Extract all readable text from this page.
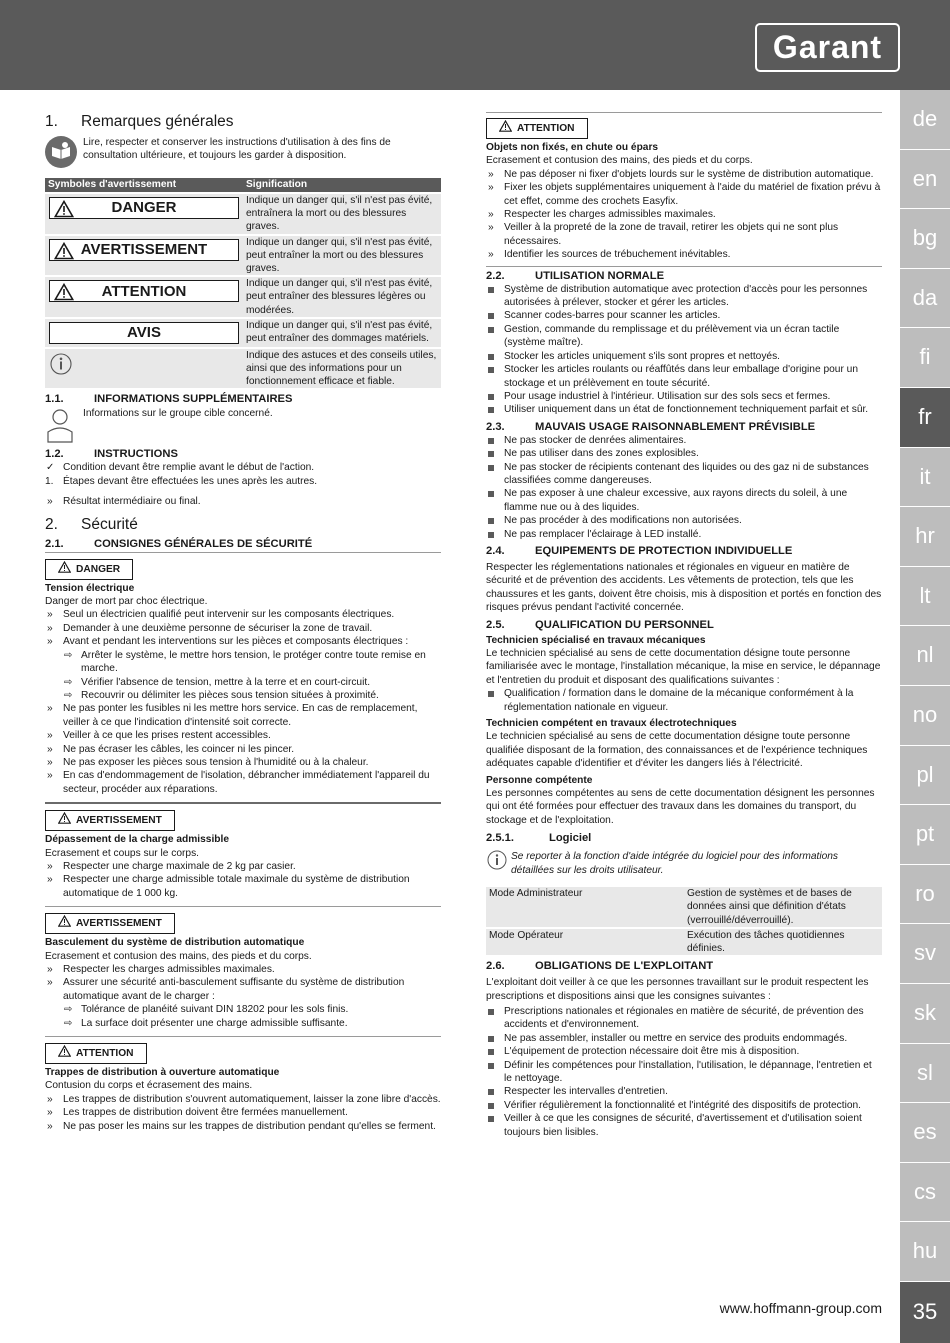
Garant
de
en
bg
da
fi
fr
it
hr
lt
nl
no
pl
pt
ro
sv
sk
sl
es
cs
hu
35
www.hoffmann-group.com
1.	Remarques générales
Lire, respecter et conserver les instructions d'utilisation à des fins de consultation ultérieure, et toujours les garder à disposition.
Symboles d'avertissement	Signification

DANGER	Indique un danger qui, s'il n'est pas évité, entraînera la mort ou des blessures graves.

AVERTISSEMENT	Indique un danger qui, s'il n'est pas évité, peut entraîner la mort ou des blessures graves.

ATTENTION	Indique un danger qui, s'il n'est pas évité, peut entraîner des blessures légères ou modérées.

AVIS	Indique un danger qui, s'il n'est pas évité, peut entraîner des dommages matériels.
	Indique des astuces et des conseils utiles, ainsi que des informations pour un fonctionnement efficace et fiable.
1.1.	INFORMATIONS SUPPLÉMENTAIRES
Informations sur le groupe cible concerné.
1.2.	INSTRUCTIONS
✓ Condition devant être remplie avant le début de l'action.
1. Étapes devant être effectuées les unes après les autres.
» Résultat intermédiaire ou final.
2.	Sécurité
2.1.	CONSIGNES GÉNÉRALES DE SÉCURITÉ
DANGER
Tension électrique
Danger de mort par choc électrique.
» Seul un électricien qualifié peut intervenir sur les composants électriques.
» Demander à une deuxième personne de sécuriser la zone de travail.
» Avant et pendant les interventions sur les pièces et composants électriques :
⇨ Arrêter le système, le mettre hors tension, le protéger contre toute remise en marche.
⇨ Vérifier l'absence de tension, mettre à la terre et en court-circuit.
⇨ Recouvrir ou délimiter les pièces sous tension situées à proximité.
» Ne pas ponter les fusibles ni les mettre hors service. En cas de remplacement, veiller à ce que l'indication d'intensité soit correcte.
» Veiller à ce que les prises restent accessibles.
» Ne pas écraser les câbles, les coincer ni les pincer.
» Ne pas exposer les pièces sous tension à l'humidité ou à la chaleur.
» En cas d'endommagement de l'isolation, débrancher immédiatement l'appareil du secteur, procéder aux réparations.
AVERTISSEMENT
Dépassement de la charge admissible
Ecrasement et coups sur le corps.
» Respecter une charge maximale de 2 kg par casier.
» Respecter une charge admissible totale maximale du système de distribution automatique de 1 000 kg.
AVERTISSEMENT
Basculement du système de distribution automatique
Ecrasement et contusion des mains, des pieds et du corps.
» Respecter les charges admissibles maximales.
» Assurer une sécurité anti-basculement suffisante du système de distribution automatique avant de le charger :
⇨ Tolérance de planéité suivant DIN 18202 pour les sols finis.
⇨ La surface doit présenter une charge admissible suffisante.
ATTENTION
Trappes de distribution à ouverture automatique
Contusion du corps et écrasement des mains.
» Les trappes de distribution s'ouvrent automatiquement, laisser la zone libre d'accès.
» Les trappes de distribution doivent être fermées manuellement.
» Ne pas poser les mains sur les trappes de distribution pendant qu'elles se ferment.
ATTENTION
Objets non fixés, en chute ou épars
Ecrasement et contusion des mains, des pieds et du corps.
» Ne pas déposer ni fixer d'objets lourds sur le système de distribution automatique.
» Fixer les objets supplémentaires uniquement à l'aide du matériel de fixation prévu à cet effet, comme des crochets Easyfix.
» Respecter les charges admissibles maximales.
» Veiller à la propreté de la zone de travail, retirer les objets qui ne sont plus nécessaires.
» Identifier les sources de trébuchement inévitables.
2.2.	UTILISATION NORMALE
Système de distribution automatique avec protection d'accès pour les personnes autorisées à prélever, stocker et gérer les articles.
Scanner codes-barres pour scanner les articles.
Gestion, commande du remplissage et du prélèvement via un écran tactile (système maître).
Stocker les articles uniquement s'ils sont propres et nettoyés.
Stocker les articles roulants ou réaffûtés dans leur emballage d'origine pour un stockage et un prélèvement en toute sécurité.
Pour usage industriel à l'intérieur. Utilisation sur des sols secs et fermes.
Utiliser uniquement dans un état de fonctionnement techniquement parfait et sûr.
2.3.	MAUVAIS USAGE RAISONNABLEMENT PRÉVISIBLE
Ne pas stocker de denrées alimentaires.
Ne pas utiliser dans des zones explosibles.
Ne pas stocker de récipients contenant des liquides ou des gaz ni de substances classifiées comme dangereuses.
Ne pas exposer à une chaleur excessive, aux rayons directs du soleil, à une flamme nue ou à des liquides.
Ne pas procéder à des modifications non autorisées.
Ne pas remplacer l'éclairage à LED installé.
2.4.	EQUIPEMENTS DE PROTECTION INDIVIDUELLE
Respecter les réglementations nationales et régionales en vigueur en matière de sécurité et de prévention des accidents. Les vêtements de protection, tels que les chaussures et les gants, doivent être choisis, mis à disposition et portés en fonction des risques prévus pendant l'activité concernée.
2.5.	QUALIFICATION DU PERSONNEL
Technicien spécialisé en travaux mécaniques
Le technicien spécialisé au sens de cette documentation désigne toute personne familiarisée avec le montage, l'installation mécanique, la mise en service, le dépannage et l'entretien du produit et disposant des qualifications suivantes :
Qualification / formation dans le domaine de la mécanique conformément à la réglementation nationale en vigueur.
Technicien compétent en travaux électrotechniques
Le technicien spécialisé au sens de cette documentation désigne toute personne qualifiée disposant de la formation, des connaissances et de l'expérience techniques adéquates capable d'identifier et d'éviter les dangers liés à l'électricité.
Personne compétente
Les personnes compétentes au sens de cette documentation désignent les personnes qui ont été formées pour effectuer des travaux dans les domaines du transport, du stockage et de l'exploitation.
2.5.1.	Logiciel
Se reporter à la fonction d'aide intégrée du logiciel pour des informations détaillées sur les droits utilisateur.
Mode Administrateur	Gestion de systèmes et de bases de données ainsi que définition d'états (verrouillé/déverrouillé).
Mode Opérateur	Exécution des tâches quotidiennes définies.
2.6.	OBLIGATIONS DE L'EXPLOITANT
L'exploitant doit veiller à ce que les personnes travaillant sur le produit respectent les prescriptions et dispositions ainsi que les consignes suivantes :
Prescriptions nationales et régionales en matière de sécurité, de prévention des accidents et d'environnement.
Ne pas assembler, installer ou mettre en service des produits endommagés.
L'équipement de protection nécessaire doit être mis à disposition.
Définir les compétences pour l'installation, l'utilisation, le dépannage, l'entretien et le nettoyage.
Respecter les intervalles d'entretien.
Vérifier régulièrement la fonctionnalité et l'intégrité des dispositifs de protection.
Veiller à ce que les consignes de sécurité, d'avertissement et d'utilisation soient toujours bien lisibles.
